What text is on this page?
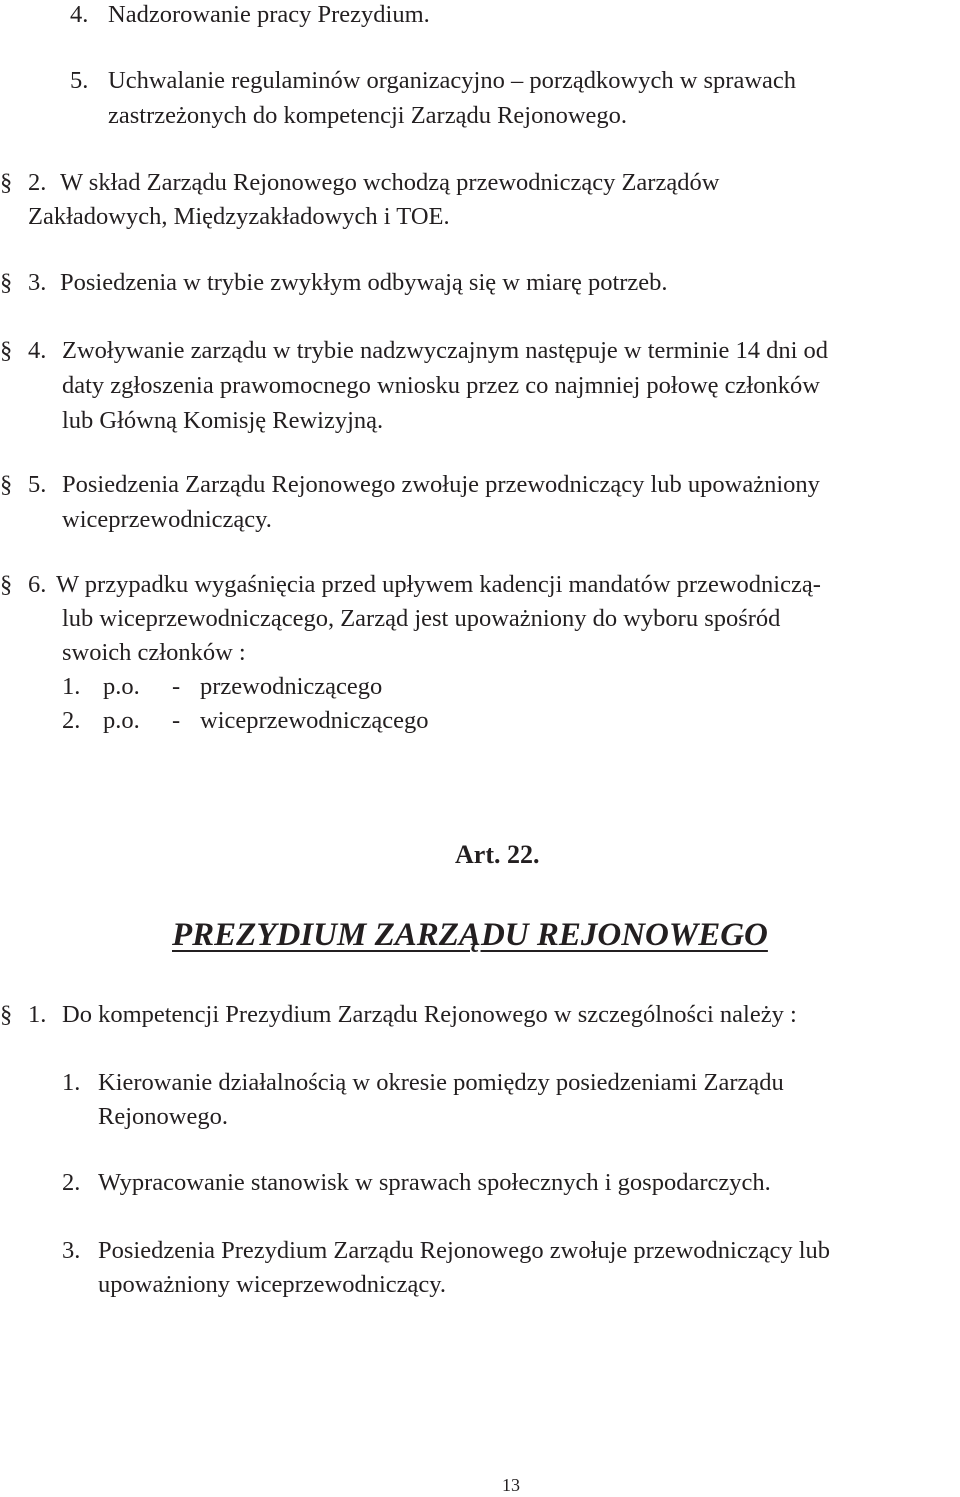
4. Nadzorowanie pracy Prezydium.
5. Uchwalanie regulaminów organizacyjno – porządkowych w sprawach
zastrzeżonych do kompetencji Zarządu Rejonowego.
§ 2. W skład Zarządu Rejonowego wchodzą przewodniczący Zarządów
Zakładowych, Międzyzakładowych i TOE.
§ 3. Posiedzenia w trybie zwykłym odbywają się w miarę potrzeb.
§ 4. Zwoływanie zarządu w trybie nadzwyczajnym następuje w terminie 14 dni od
daty zgłoszenia prawomocnego wniosku przez co najmniej połowę członków
lub Główną Komisję Rewizyjną.
§ 5. Posiedzenia Zarządu Rejonowego zwołuje przewodniczący lub upoważniony
wiceprzewodniczący.
§ 6. W przypadku wygaśnięcia przed upływem kadencji mandatów przewodniczą-
lub wiceprzewodniczącego, Zarząd jest upoważniony do wyboru spośród
swoich członków :
1. p.o. - przewodniczącego
2. p.o. - wiceprzewodniczącego
Art. 22.
PREZYDIUM ZARZĄDU REJONOWEGO
§ 1. Do kompetencji Prezydium Zarządu Rejonowego w szczególności należy :
1. Kierowanie działalnością w okresie pomiędzy posiedzeniami Zarządu
Rejonowego.
2. Wypracowanie stanowisk w sprawach społecznych i gospodarczych.
3. Posiedzenia Prezydium Zarządu Rejonowego zwołuje przewodniczący lub
upoważniony wiceprzewodniczący.
13
